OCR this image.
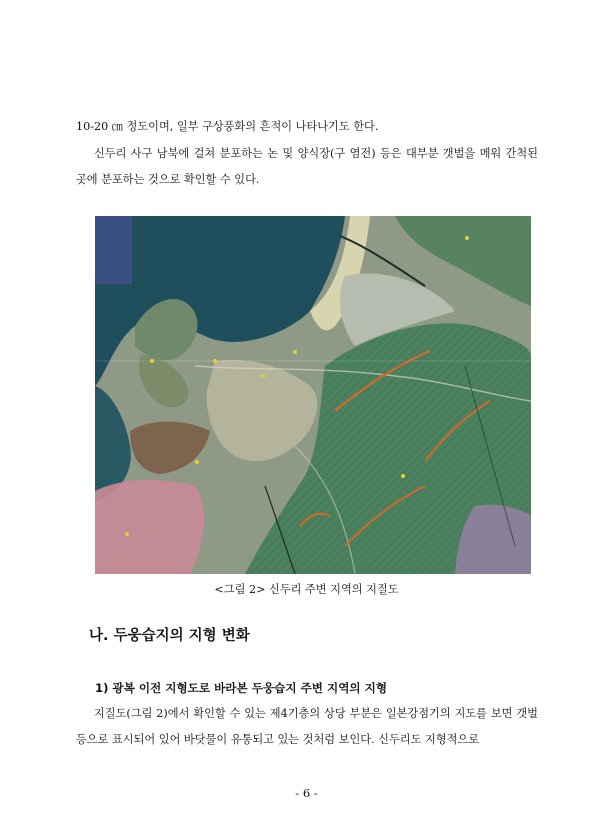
10-20 ㎝ 정도이며, 일부 구상풍화의 흔적이 나타나기도 한다.

신두리 사구 남북에 걸쳐 분포하는 논 및 양식장(구 염전) 등은 대부분 갯벌을 메워 간척된 곳에 분포하는 것으로 확인할 수 있다.

<그림 2> 신두리 주변 지역의 지질도
나. 두웅습지의 지형 변화
1) 광복 이전 지형도로 바라본 두웅습지 주변 지역의 지형

지질도(그림 2)에서 확인할 수 있는 제4기층의 상당 부분은 일본강점기의 지도를 보면 갯벌 등으로 표시되어 있어 바닷물이 유통되고 있는 것처럼 보인다. 신두리도 지형적으로

- 6 -
